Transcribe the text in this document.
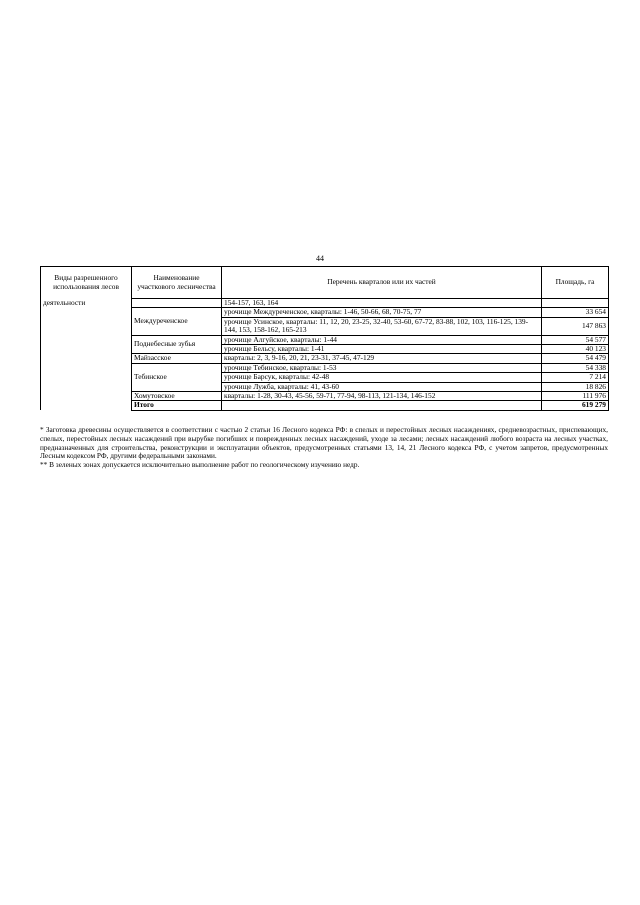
44
Виды разрешенного использования лесов	Наименование участкового лесничества	Перечень кварталов или их частей	Площадь, га
деятельности		154-157, 163, 164	
	Междуреченское	урочище Междуреченское, кварталы: 1-46, 50-66, 68, 70-75, 77	33 654
		урочище Усинское, кварталы: 11, 12, 20, 23-25, 32-40, 53-60, 67-72, 83-88, 102, 103, 116-125, 139-144, 153, 158-162, 165-213	147 863
	Поднебесные зубья	урочище Алгуйское, кварталы: 1-44	54 577
		урочище Бельсу, кварталы: 1-41	40 123
	Майзасское	кварталы: 2, 3, 9-16, 20, 21, 23-31, 37-45, 47-129	54 479
	Тебинское	урочище Тебинское, кварталы: 1-53	54 338
		урочище Барсук, кварталы: 42-48	7 214
		урочище Лужба, кварталы: 41, 43-60	18 826
	Хомутовское	кварталы: 1-28, 30-43, 45-56, 59-71, 77-94, 98-113, 121-134, 146-152	111 976
	Итого		619 279

* Заготовка древесины осуществляется в соответствии с частью 2 статьи 16 Лесного кодекса РФ: в спелых и перестойных лесных насаждениях, средневозрастных, приспевающих, спелых, перестойных лесных насаждений при вырубке погибших и поврежденных лесных насаждений, уходе за лесами; лесных насаждений любого возраста на лесных участках, предназначенных для строительства, реконструкции и эксплуатации объектов, предусмотренных статьями 13, 14, 21 Лесного кодекса РФ, с учетом запретов, предусмотренных Лесным кодексом РФ, другими федеральными законами.

** В зеленых зонах допускается исключительно выполнение работ по геологическому изучению недр.
